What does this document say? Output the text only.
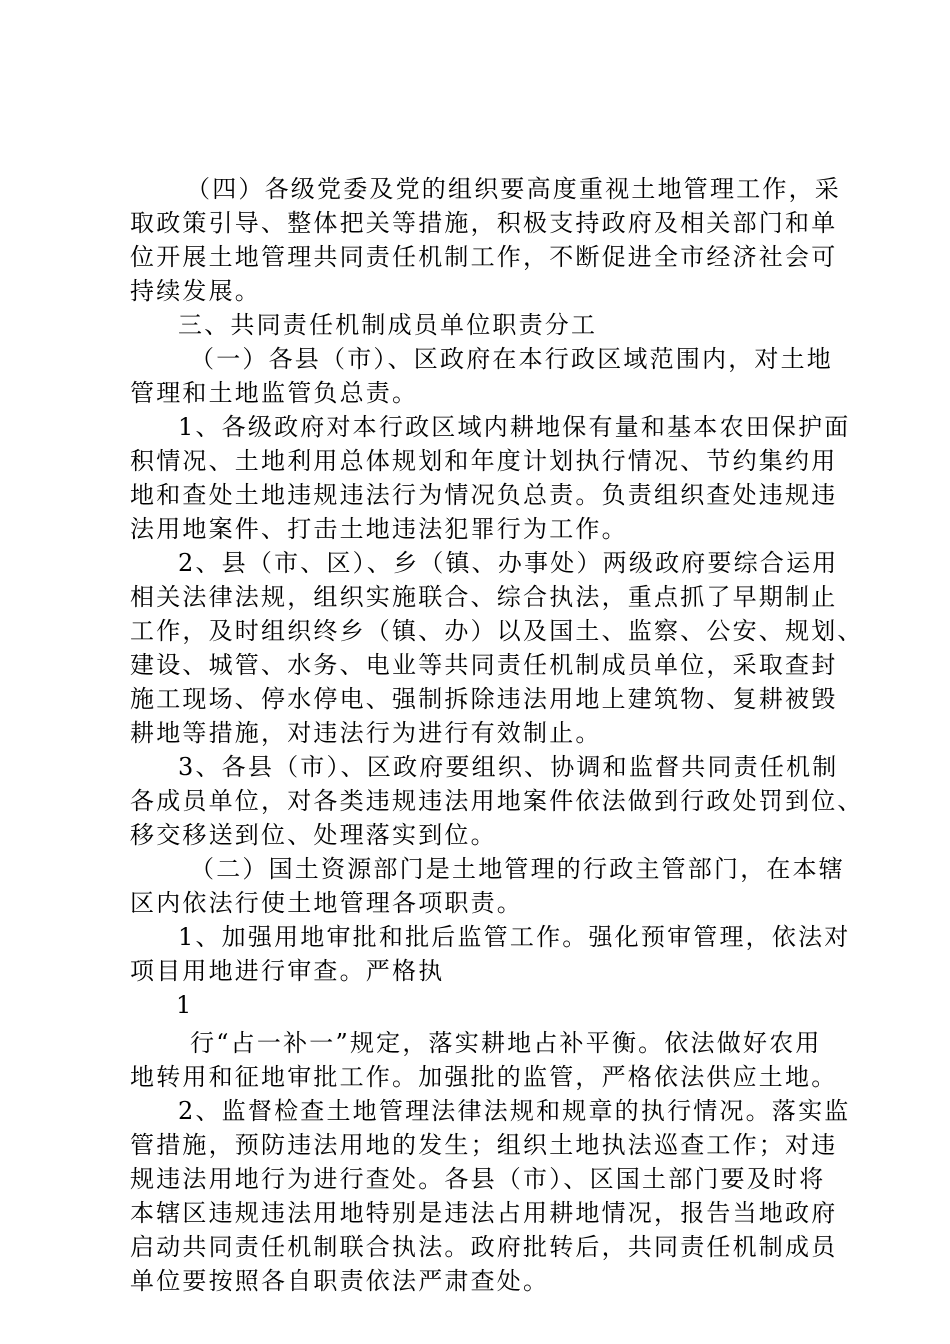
（四）各级党委及党的组织要高度重视土地管理工作，采

取政策引导、整体把关等措施，积极支持政府及相关部门和单

位开展土地管理共同责任机制工作，不断促进全市经济社会可

持续发展。

三、共同责任机制成员单位职责分工

（一）各县（市）、区政府在本行政区域范围内，对土地

管理和土地监管负总责。

1、各级政府对本行政区域内耕地保有量和基本农田保护面

积情况、土地利用总体规划和年度计划执行情况、节约集约用

地和查处土地违规违法行为情况负总责。负责组织查处违规违

法用地案件、打击土地违法犯罪行为工作。

2、县（市、区）、乡（镇、办事处）两级政府要综合运用

相关法律法规，组织实施联合、综合执法，重点抓了早期制止

工作，及时组织终乡（镇、办）以及国土、监察、公安、规划、

建设、城管、水务、电业等共同责任机制成员单位，采取查封

施工现场、停水停电、强制拆除违法用地上建筑物、复耕被毁

耕地等措施，对违法行为进行有效制止。

3、各县（市）、区政府要组织、协调和监督共同责任机制

各成员单位，对各类违规违法用地案件依法做到行政处罚到位、

移交移送到位、处理落实到位。

（二）国土资源部门是土地管理的行政主管部门，在本辖

区内依法行使土地管理各项职责。

1、加强用地审批和批后监管工作。强化预审管理，依法对

项目用地进行审查。严格执

1

行“占一补一”规定，落实耕地占补平衡。依法做好农用

地转用和征地审批工作。加强批的监管，严格依法供应土地。

2、监督检查土地管理法律法规和规章的执行情况。落实监

管措施，预防违法用地的发生；组织土地执法巡查工作；对违

规违法用地行为进行查处。各县（市）、区国土部门要及时将

本辖区违规违法用地特别是违法占用耕地情况，报告当地政府

启动共同责任机制联合执法。政府批转后，共同责任机制成员

单位要按照各自职责依法严肃查处。
